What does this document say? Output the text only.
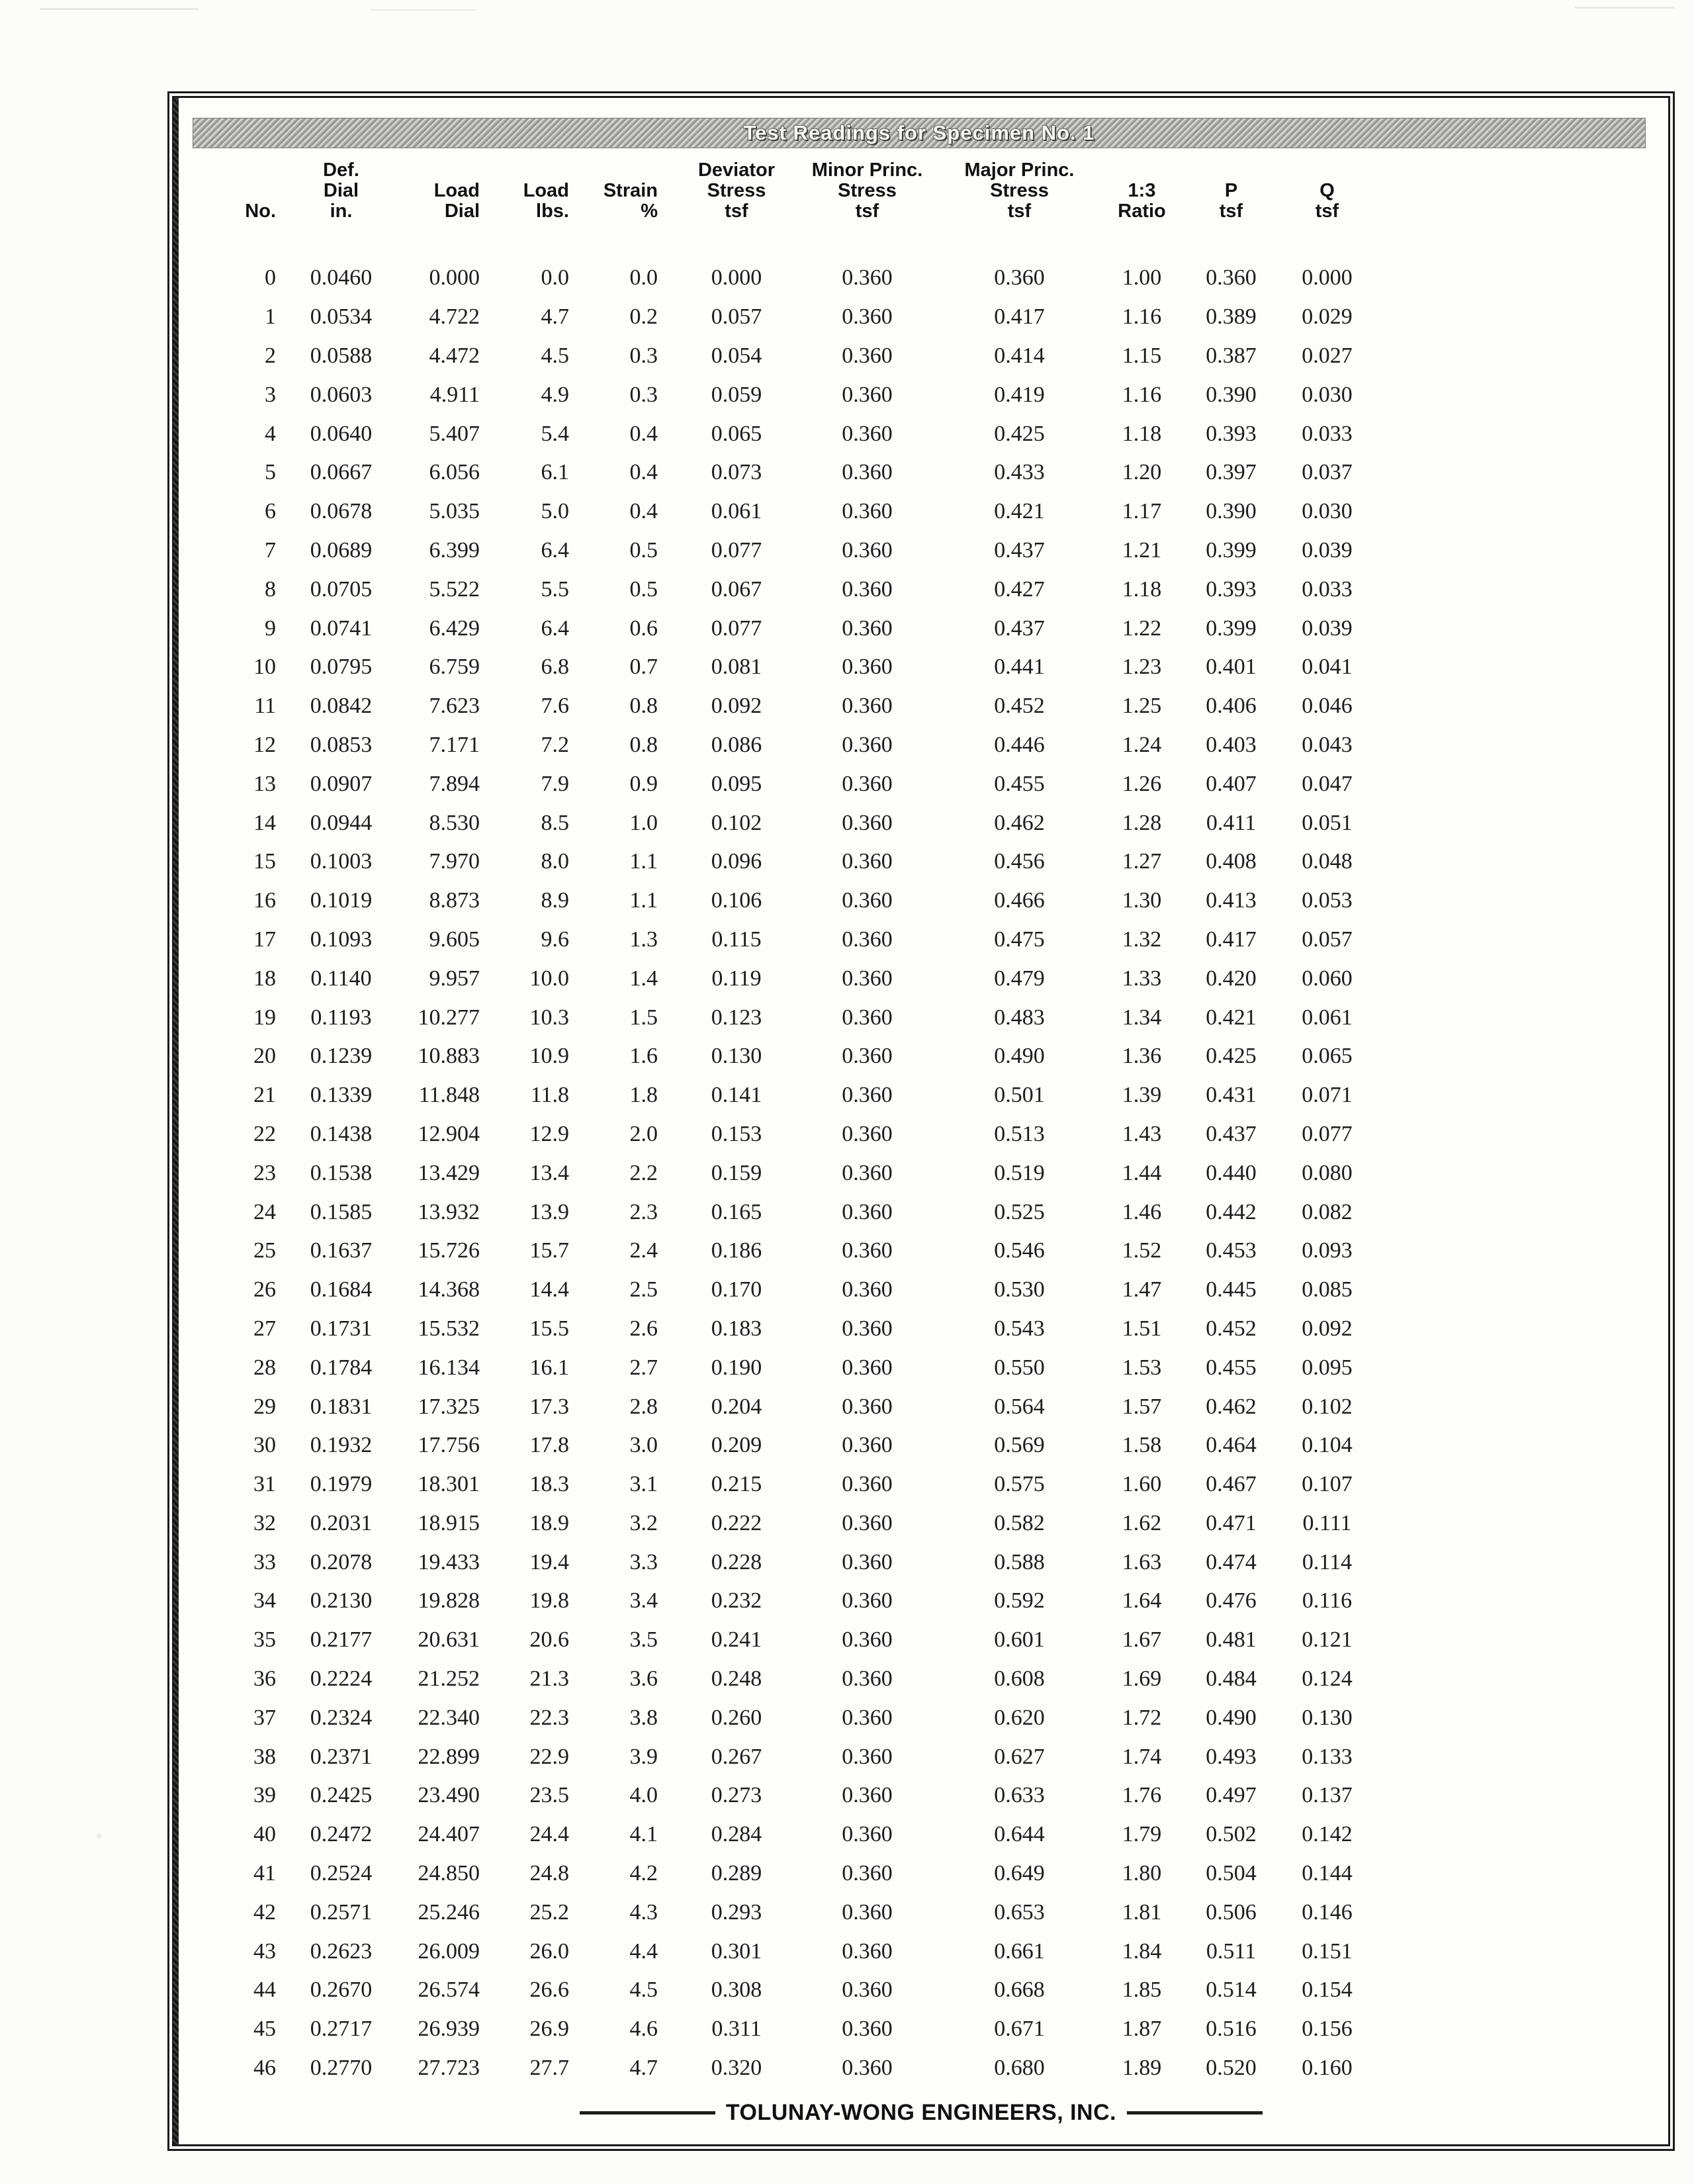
Test Readings for Specimen No. 1
	Def.				Deviator	Minor Princ.	Major Princ.			
	Dial	Load	Load	Strain	Stress	Stress	Stress	1:3	P	Q
No.	in.	Dial	lbs.	%	tsf	tsf	tsf	Ratio	tsf	tsf
0	0.0460	0.000	0.0	0.0	0.000	0.360	0.360	1.00	0.360	0.000
1	0.0534	4.722	4.7	0.2	0.057	0.360	0.417	1.16	0.389	0.029
2	0.0588	4.472	4.5	0.3	0.054	0.360	0.414	1.15	0.387	0.027
3	0.0603	4.911	4.9	0.3	0.059	0.360	0.419	1.16	0.390	0.030
4	0.0640	5.407	5.4	0.4	0.065	0.360	0.425	1.18	0.393	0.033
5	0.0667	6.056	6.1	0.4	0.073	0.360	0.433	1.20	0.397	0.037
6	0.0678	5.035	5.0	0.4	0.061	0.360	0.421	1.17	0.390	0.030
7	0.0689	6.399	6.4	0.5	0.077	0.360	0.437	1.21	0.399	0.039
8	0.0705	5.522	5.5	0.5	0.067	0.360	0.427	1.18	0.393	0.033
9	0.0741	6.429	6.4	0.6	0.077	0.360	0.437	1.22	0.399	0.039
10	0.0795	6.759	6.8	0.7	0.081	0.360	0.441	1.23	0.401	0.041
11	0.0842	7.623	7.6	0.8	0.092	0.360	0.452	1.25	0.406	0.046
12	0.0853	7.171	7.2	0.8	0.086	0.360	0.446	1.24	0.403	0.043
13	0.0907	7.894	7.9	0.9	0.095	0.360	0.455	1.26	0.407	0.047
14	0.0944	8.530	8.5	1.0	0.102	0.360	0.462	1.28	0.411	0.051
15	0.1003	7.970	8.0	1.1	0.096	0.360	0.456	1.27	0.408	0.048
16	0.1019	8.873	8.9	1.1	0.106	0.360	0.466	1.30	0.413	0.053
17	0.1093	9.605	9.6	1.3	0.115	0.360	0.475	1.32	0.417	0.057
18	0.1140	9.957	10.0	1.4	0.119	0.360	0.479	1.33	0.420	0.060
19	0.1193	10.277	10.3	1.5	0.123	0.360	0.483	1.34	0.421	0.061
20	0.1239	10.883	10.9	1.6	0.130	0.360	0.490	1.36	0.425	0.065
21	0.1339	11.848	11.8	1.8	0.141	0.360	0.501	1.39	0.431	0.071
22	0.1438	12.904	12.9	2.0	0.153	0.360	0.513	1.43	0.437	0.077
23	0.1538	13.429	13.4	2.2	0.159	0.360	0.519	1.44	0.440	0.080
24	0.1585	13.932	13.9	2.3	0.165	0.360	0.525	1.46	0.442	0.082
25	0.1637	15.726	15.7	2.4	0.186	0.360	0.546	1.52	0.453	0.093
26	0.1684	14.368	14.4	2.5	0.170	0.360	0.530	1.47	0.445	0.085
27	0.1731	15.532	15.5	2.6	0.183	0.360	0.543	1.51	0.452	0.092
28	0.1784	16.134	16.1	2.7	0.190	0.360	0.550	1.53	0.455	0.095
29	0.1831	17.325	17.3	2.8	0.204	0.360	0.564	1.57	0.462	0.102
30	0.1932	17.756	17.8	3.0	0.209	0.360	0.569	1.58	0.464	0.104
31	0.1979	18.301	18.3	3.1	0.215	0.360	0.575	1.60	0.467	0.107
32	0.2031	18.915	18.9	3.2	0.222	0.360	0.582	1.62	0.471	0.111
33	0.2078	19.433	19.4	3.3	0.228	0.360	0.588	1.63	0.474	0.114
34	0.2130	19.828	19.8	3.4	0.232	0.360	0.592	1.64	0.476	0.116
35	0.2177	20.631	20.6	3.5	0.241	0.360	0.601	1.67	0.481	0.121
36	0.2224	21.252	21.3	3.6	0.248	0.360	0.608	1.69	0.484	0.124
37	0.2324	22.340	22.3	3.8	0.260	0.360	0.620	1.72	0.490	0.130
38	0.2371	22.899	22.9	3.9	0.267	0.360	0.627	1.74	0.493	0.133
39	0.2425	23.490	23.5	4.0	0.273	0.360	0.633	1.76	0.497	0.137
40	0.2472	24.407	24.4	4.1	0.284	0.360	0.644	1.79	0.502	0.142
41	0.2524	24.850	24.8	4.2	0.289	0.360	0.649	1.80	0.504	0.144
42	0.2571	25.246	25.2	4.3	0.293	0.360	0.653	1.81	0.506	0.146
43	0.2623	26.009	26.0	4.4	0.301	0.360	0.661	1.84	0.511	0.151
44	0.2670	26.574	26.6	4.5	0.308	0.360	0.668	1.85	0.514	0.154
45	0.2717	26.939	26.9	4.6	0.311	0.360	0.671	1.87	0.516	0.156
46	0.2770	27.723	27.7	4.7	0.320	0.360	0.680	1.89	0.520	0.160
TOLUNAY-WONG ENGINEERS, INC.
